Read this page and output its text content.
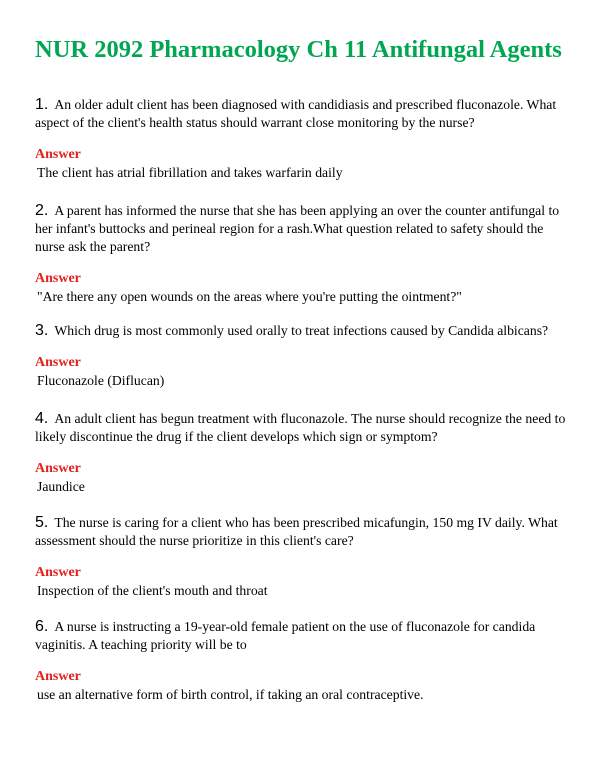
NUR 2092 Pharmacology Ch 11 Antifungal Agents

1. An older adult client has been diagnosed with candidiasis and prescribed fluconazole. What aspect of the client's health status should warrant close monitoring by the nurse?

Answer

The client has atrial fibrillation and takes warfarin daily

2. A parent has informed the nurse that she has been applying an over the counter antifungal to her infant's buttocks and perineal region for a rash.What question related to safety should the nurse ask the parent?

Answer

"Are there any open wounds on the areas where you're putting the ointment?"

3. Which drug is most commonly used orally to treat infections caused by Candida albicans?

Answer

Fluconazole (Diflucan)

4. An adult client has begun treatment with fluconazole. The nurse should recognize the need to likely discontinue the drug if the client develops which sign or symptom?

Answer

Jaundice

5. The nurse is caring for a client who has been prescribed micafungin, 150 mg IV daily. What assessment should the nurse prioritize in this client's care?

Answer

Inspection of the client's mouth and throat

6. A nurse is instructing a 19-year-old female patient on the use of fluconazole for candida vaginitis. A teaching priority will be to

Answer

use an alternative form of birth control, if taking an oral contraceptive.
